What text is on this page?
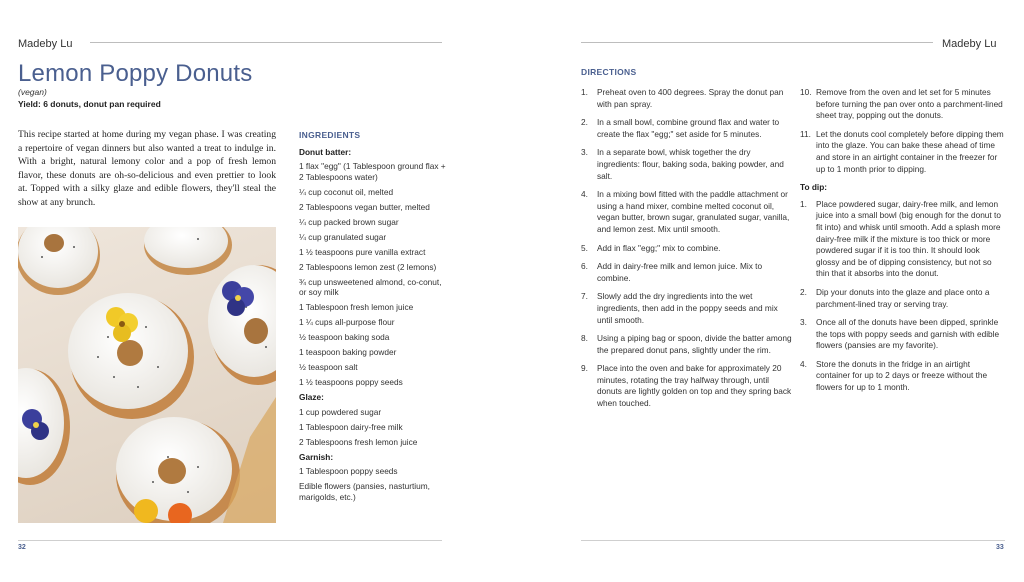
Madeby Lu
Lemon Poppy Donuts
(vegan)
Yield: 6 donuts, donut pan required
This recipe started at home during my vegan phase. I was creating a repertoire of vegan dinners but also wanted a treat to indulge in. With a bright, natural lemony color and a pop of fresh lemon flavor, these donuts are oh-so-delicious and even prettier to look at. Topped with a silky glaze and edible flowers, they'll steal the show at any brunch.
INGREDIENTS
Donut batter:
1 flax "egg" (1 Tablespoon ground flax + 2 Tablespoons water)
¼ cup coconut oil, melted
2 Tablespoons vegan butter, melted
¼ cup packed brown sugar
¼ cup granulated sugar
1 ½ teaspoons pure vanilla extract
2 Tablespoons lemon zest (2 lemons)
¾ cup unsweetened almond, co-conut, or soy milk
1 Tablespoon fresh lemon juice
1 ¼ cups all-purpose flour
½ teaspoon baking soda
1 teaspoon baking powder
½ teaspoon salt
1 ½ teaspoons poppy seeds
Glaze:
1 cup powdered sugar
1 Tablespoon dairy-free milk
2 Tablespoons fresh lemon juice
Garnish:
1 Tablespoon poppy seeds
Edible flowers (pansies, nasturtium, marigolds, etc.)
32
Madeby Lu
DIRECTIONS
1.	Preheat oven to 400 degrees. Spray the donut pan with pan spray.
2.	In a small bowl, combine ground flax and water to create the flax "egg;" set aside for 5 minutes.
3.	In a separate bowl, whisk together the dry ingredients: flour, baking soda, baking powder, and salt.
4.	In a mixing bowl fitted with the paddle attachment or using a hand mixer, combine melted coconut oil, vegan butter, brown sugar, granulated sugar, vanilla, and lemon zest. Mix until smooth.
5.	Add in flax "egg;" mix to combine.
6.	Add in dairy-free milk and lemon juice. Mix to combine.
7.	Slowly add the dry ingredients into the wet ingredients, then add in the poppy seeds and mix until smooth.
8.	Using a piping bag or spoon, divide the batter among the prepared donut pans, slightly under the rim.
9.	Place into the oven and bake for approximately 20 minutes, rotating the tray halfway through, until donuts are lightly golden on top and they spring back when touched.
10. Remove from the oven and let set for 5 minutes before turning the pan over onto a parchment-lined sheet tray, popping out the donuts.
11. Let the donuts cool completely before dipping them into the glaze. You can bake these ahead of time and store in an airtight container in the freezer for up to 1 month prior to dipping.
To dip:
1.	Place powdered sugar, dairy-free milk, and lemon juice into a small bowl (big enough for the donut to fit into) and whisk until smooth. Add a splash more dairy-free milk if the mixture is too thick or more powdered sugar if it is too thin. It should look glossy and be of dipping consistency, but not so thin that it absorbs into the donut.
2.	Dip your donuts into the glaze and place onto a parchment-lined tray or serving tray.
3.	Once all of the donuts have been dipped, sprinkle the tops with poppy seeds and garnish with edible flowers (pansies are my favorite).
4.	Store the donuts in the fridge in an airtight container for up to 2 days or freeze without the flowers for up to 1 month.
33
